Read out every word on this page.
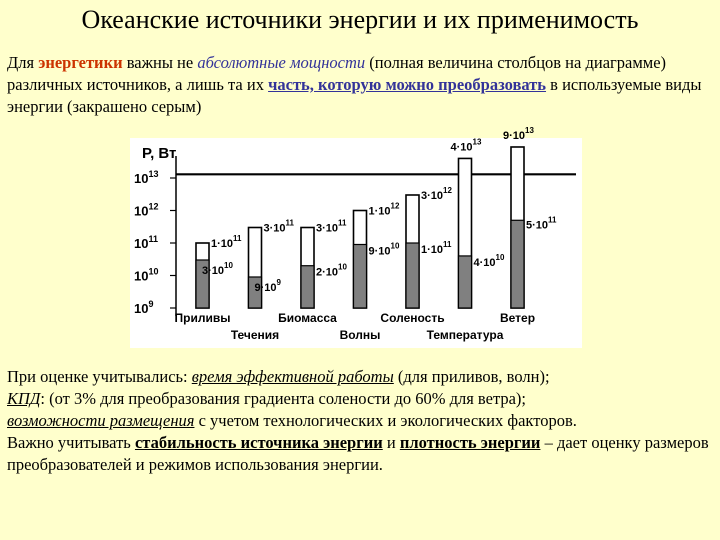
Океанские источники энергии и их применимость
Для энергетики важны не абсолютные мощности (полная величина столбцов на диаграмме) различных источников, а лишь та их часть, которую можно преобразовать в используемые виды энергии (закрашено серым)
P, Вт
$10^9$
$10^{10}$
$10^{11}$
$10^{12}$
$10^{13}$
$1\cdot 10^{11}$
$3\cdot 10^{10}$
$3\cdot 10^{11}$
$9\cdot 10^9$
$3\cdot 10^{11}$
$2\cdot 10^{10}$
$1\cdot 10^{12}$
$9\cdot 10^{10}$
$3\cdot 10^{12}$
$1\cdot 10^{11}$
$4\cdot 10^{13}$
$4\cdot 10^{10}$
$9\cdot 10^{13}$
$5\cdot 10^{11}$
Приливы	Биомасса	Соленость	Ветер
Течения	Волны	Температура
При оценке учитывались: время эффективной работы (для приливов, волн);
КПД: (от 3% для преобразования градиента солености до 60% для ветра);
возможности размещения с учетом технологических и экологических факторов.
Важно учитывать стабильность источника энергии и плотность энергии – дает оценку размеров преобразователей и режимов использования энергии.
